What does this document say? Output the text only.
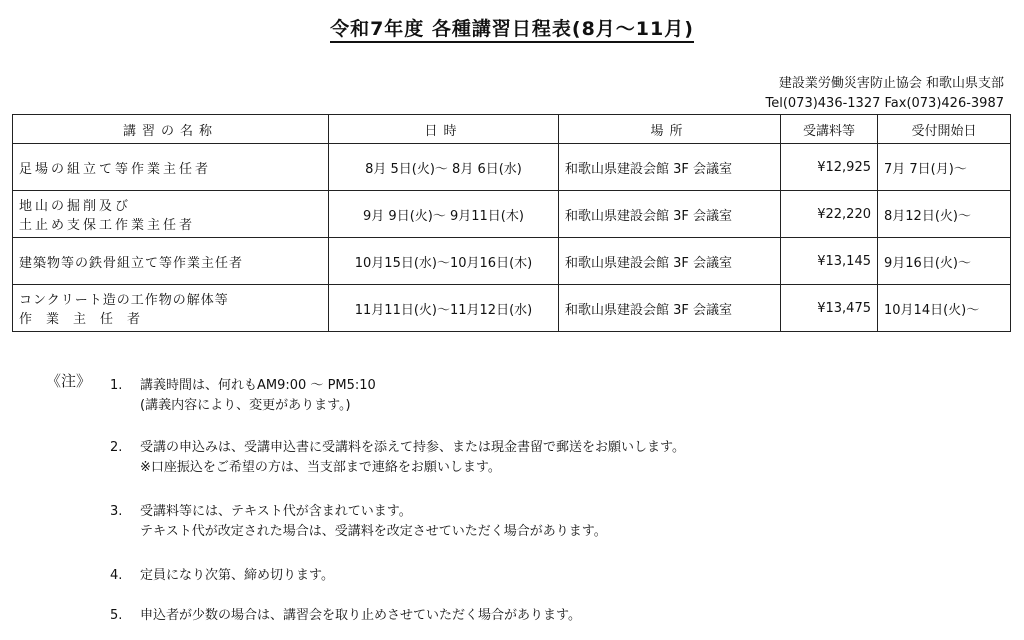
令和7年度 各種講習日程表(8月～11月)
建設業労働災害防止協会 和歌山県支部
Tel(073)436-1327 Fax(073)426-3987
講習の名称	日時	場所	受講料等	受付開始日
足場の組立て等作業主任者	8月 5日(火)～ 8月 6日(水)	和歌山県建設会館 3F 会議室	¥12,925	7月 7日(月)～

地山の掘削及び
土止め支保工作業主任者	9月 9日(火)～ 9月11日(木)	和歌山県建設会館 3F 会議室	¥22,220	8月12日(火)～
建築物等の鉄骨組立て等作業主任者	10月15日(水)～10月16日(木)	和歌山県建設会館 3F 会議室	¥13,145	9月16日(火)～

コンクリート造の工作物の解体等
作業主任者	11月11日(火)～11月12日(水)	和歌山県建設会館 3F 会議室	¥13,475	10月14日(火)～
《注》 1. 講義時間は、何れもAM9:00 ～ PM5:10
(講義内容により、変更があります。)
2. 受講の申込みは、受講申込書に受講料を添えて持参、または現金書留で郵送をお願いします。
※口座振込をご希望の方は、当支部まで連絡をお願いします。
3. 受講料等には、テキスト代が含まれています。
テキスト代が改定された場合は、受講料を改定させていただく場合があります。
4. 定員になり次第、締め切ります。
5. 申込者が少数の場合は、講習会を取り止めさせていただく場合があります。
